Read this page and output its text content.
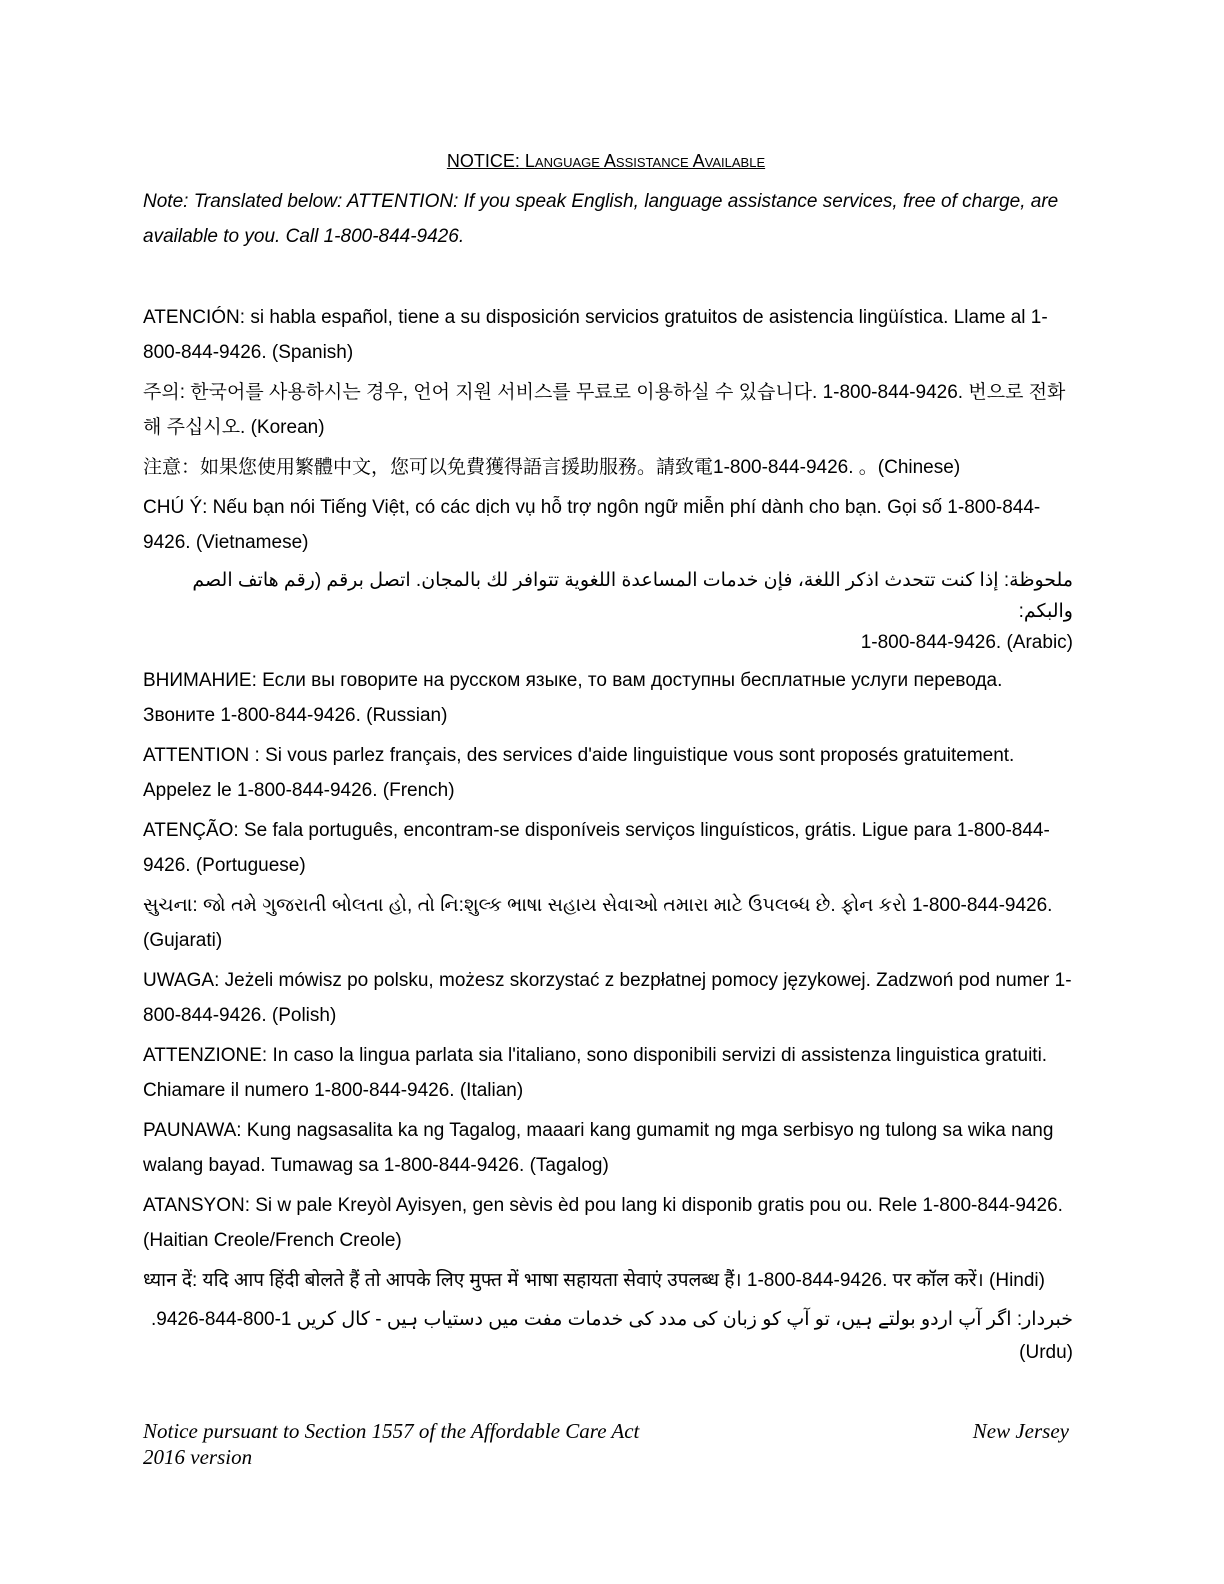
NOTICE: Language Assistance Available
Note: Translated below: ATTENTION: If you speak English, language assistance services, free of charge, are available to you. Call 1-800-844-9426.

ATENCIÓN: si habla español, tiene a su disposición servicios gratuitos de asistencia lingüística. Llame al 1-800-844-9426. (Spanish)

주의: 한국어를 사용하시는 경우, 언어 지원 서비스를 무료로 이용하실 수 있습니다. 1-800-844-9426. 번으로 전화해 주십시오. (Korean)

注意：如果您使用繁體中文，您可以免費獲得語言援助服務。請致電1-800-844-9426. 。(Chinese)

CHÚ Ý: Nếu bạn nói Tiếng Việt, có các dịch vụ hỗ trợ ngôn ngữ miễn phí dành cho bạn. Gọi số 1-800-844-9426. (Vietnamese)

ملحوظة: إذا كنت تتحدث اذكر اللغة، فإن خدمات المساعدة اللغوية تتوافر لك بالمجان. اتصل برقم (رقم هاتف الصم والبكم:
1-800-844-9426. (Arabic)

ВНИМАНИЕ: Если вы говорите на русском языке, то вам доступны бесплатные услуги перевода. Звоните 1-800-844-9426. (Russian)

ATTENTION : Si vous parlez français, des services d'aide linguistique vous sont proposés gratuitement. Appelez le 1-800-844-9426. (French)

ATENÇÃO: Se fala português, encontram-se disponíveis serviços linguísticos, grátis. Ligue para 1-800-844-9426. (Portuguese)

સુચના: જો તમે ગુજરાતી બોલતા હો, તો નિ:શુલ્ક ભાષા સહાય સેવાઓ તમારા માટે ઉપલબ્ધ છે. ફોન કરો 1-800-844-9426. (Gujarati)

UWAGA: Jeżeli mówisz po polsku, możesz skorzystać z bezpłatnej pomocy językowej. Zadzwoń pod numer 1-800-844-9426. (Polish)

ATTENZIONE: In caso la lingua parlata sia l'italiano, sono disponibili servizi di assistenza linguistica gratuiti. Chiamare il numero 1-800-844-9426. (Italian)

PAUNAWA: Kung nagsasalita ka ng Tagalog, maaari kang gumamit ng mga serbisyo ng tulong sa wika nang walang bayad. Tumawag sa 1-800-844-9426. (Tagalog)

ATANSYON: Si w pale Kreyòl Ayisyen, gen sèvis èd pou lang ki disponib gratis pou ou. Rele 1-800-844-9426. (Haitian Creole/French Creole)

ध्यान दें: यदि आप हिंदी बोलते हैं तो आपके लिए मुफ्त में भाषा सहायता सेवाएं उपलब्ध हैं। 1-800-844-9426. पर कॉल करें। (Hindi)

خبردار: اگر آپ اردو بولتے ہیں، تو آپ کو زبان کی مدد کی خدمات مفت میں دستیاب ہیں - کال کریں 1-800-844-9426.
(Urdu)
Notice pursuant to Section 1557 of the Affordable Care Act
2016 version
New Jersey
